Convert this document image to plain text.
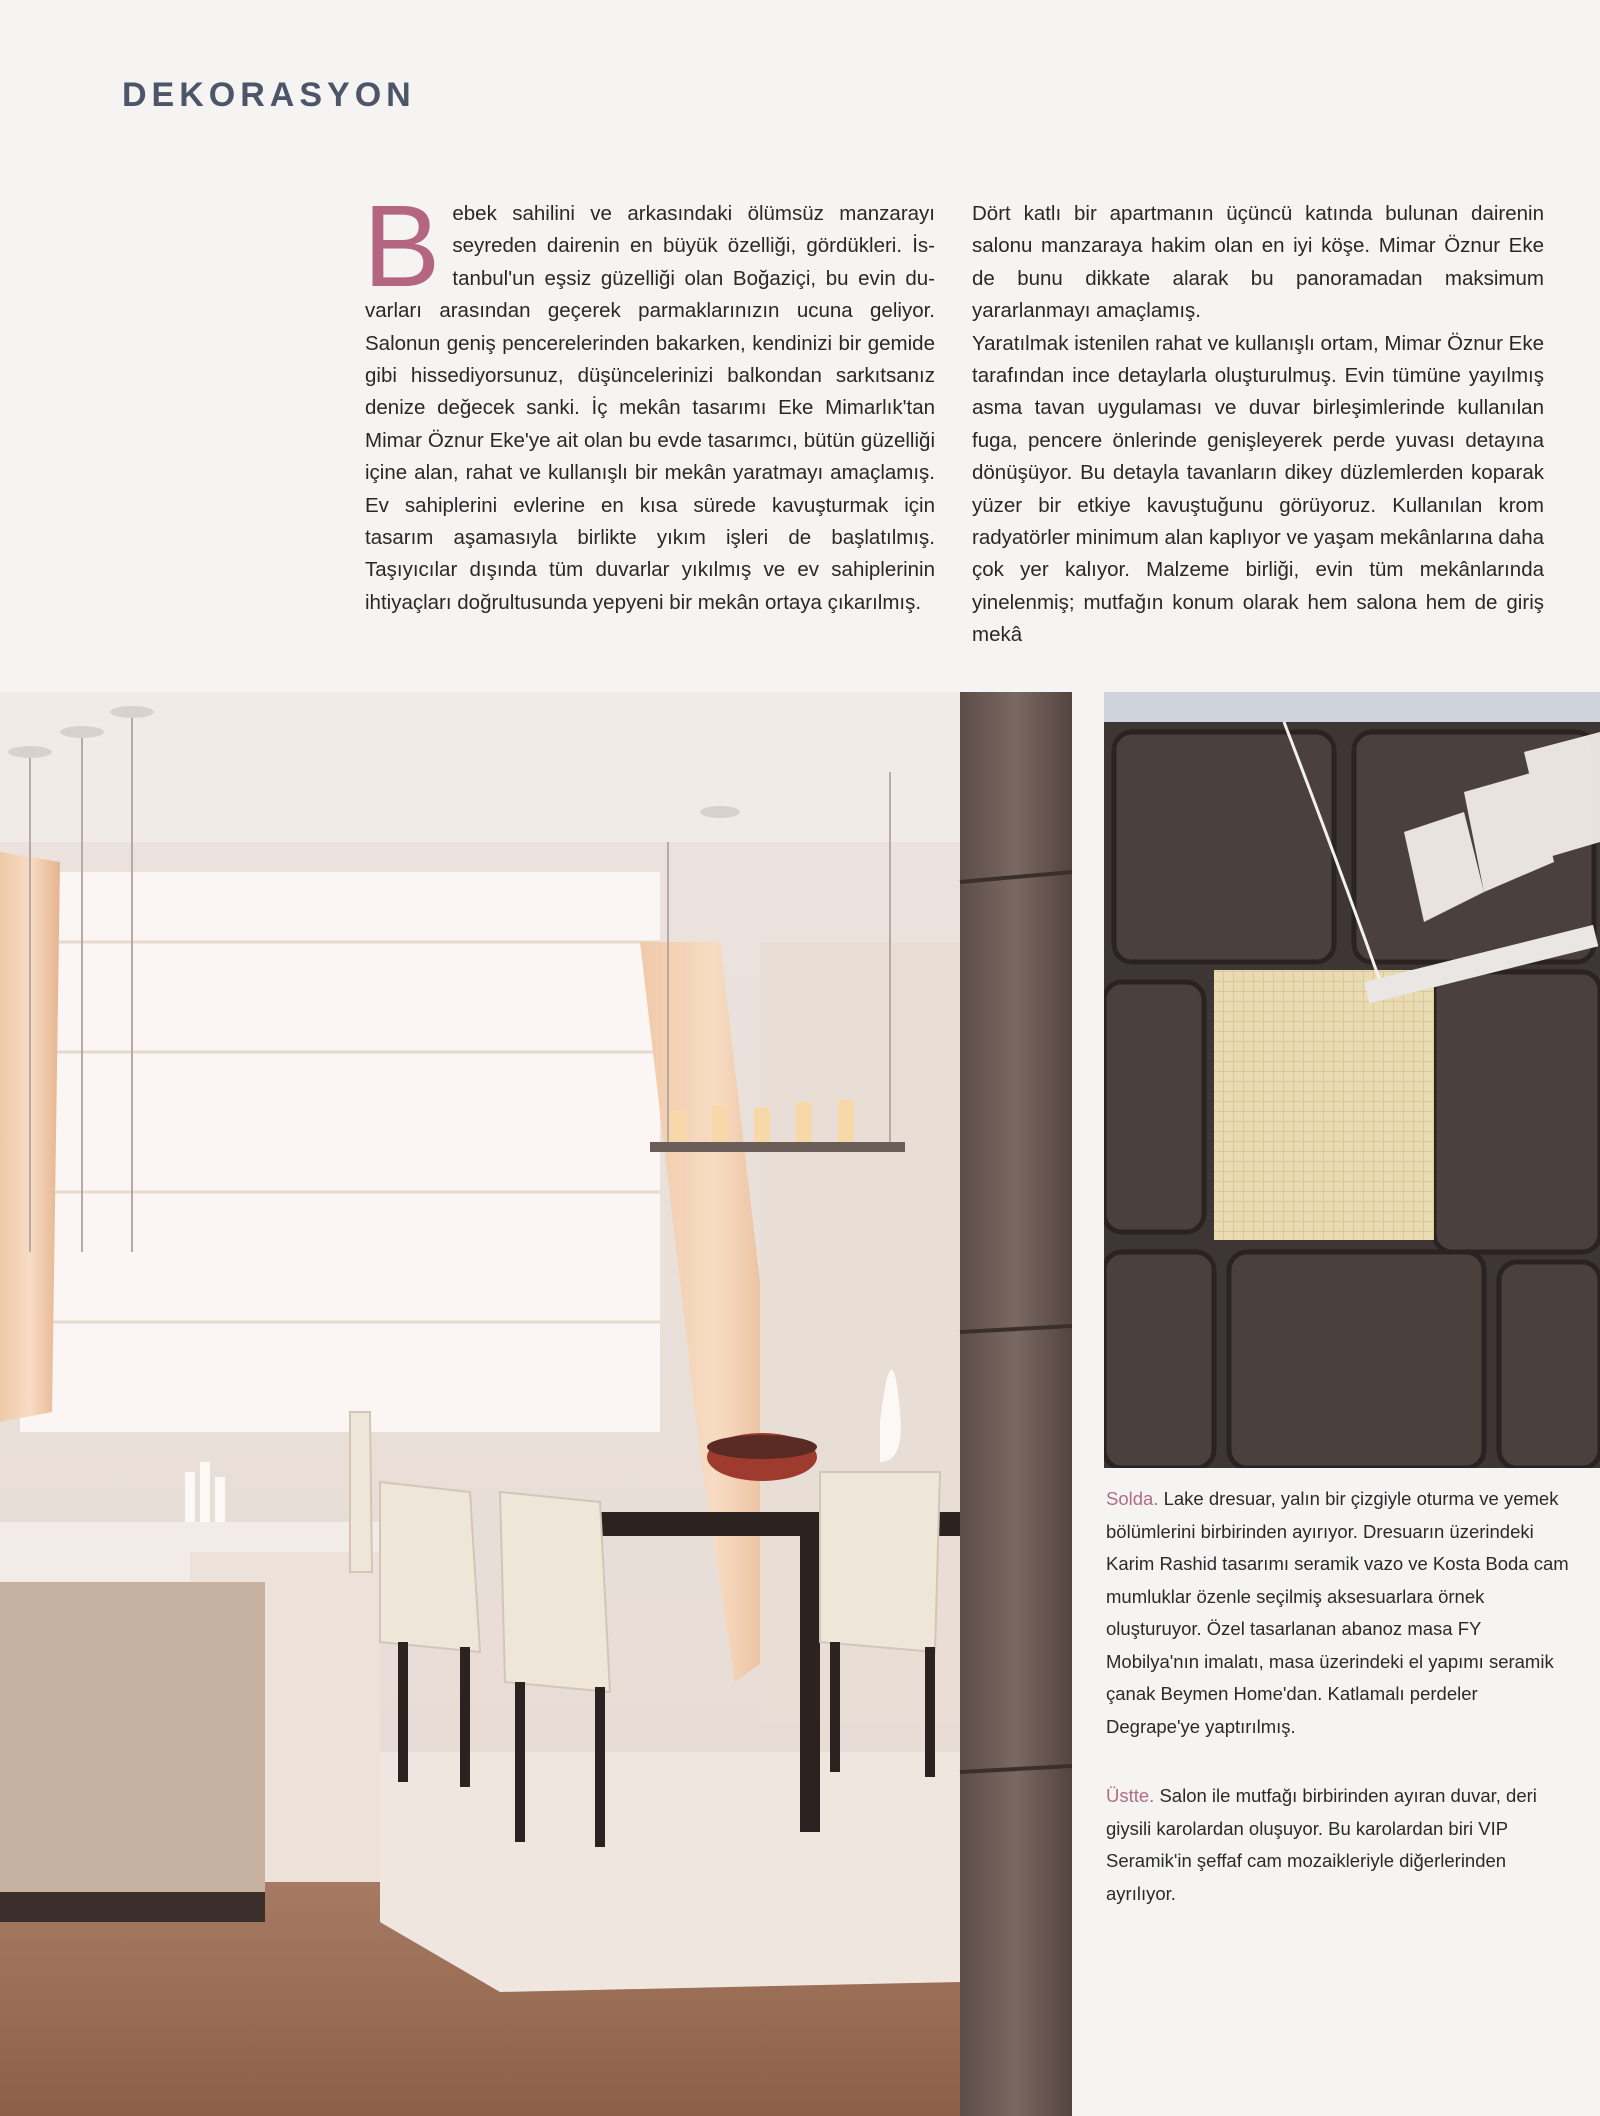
DEKORASYON

Bebek sahilini ve arkasındaki ölümsüz manzarayı seyreden dairenin en büyük özelliği, gördükleri. İstanbul'un eşsiz güzelliği olan Boğaziçi, bu evin duvarları arasından geçerek parmaklarınızın ucuna geliyor. Salonun geniş pencerelerinden bakarken, kendinizi bir gemide gibi hissediyorsunuz, düşüncelerinizi balkondan sarkıtsanız denize değecek sanki. İç mekân tasarımı Eke Mimarlık'tan Mimar Öznur Eke'ye ait olan bu evde tasarımcı, bütün güzelliği içine alan, rahat ve kullanışlı bir mekân yaratmayı amaçlamış. Ev sahiplerini evlerine en kısa sürede kavuşturmak için tasarım aşamasıyla birlikte yıkım işleri de başlatılmış. Taşıyıcılar dışında tüm duvarlar yıkılmış ve ev sahiplerinin ihtiyaçları doğrultusunda yepyeni bir mekân ortaya çıkarılmış.

Dört katlı bir apartmanın üçüncü katında bulunan dairenin salonu manzaraya hakim olan en iyi köşe. Mimar Öznur Eke de bunu dikkate alarak bu panoramadan maksimum yararlanmayı amaçlamış.

Yaratılmak istenilen rahat ve kullanışlı ortam, Mimar Öznur Eke tarafından ince detaylarla oluşturulmuş. Evin tümüne yayılmış asma tavan uygulaması ve duvar birleşimlerinde kullanılan fuga, pencere önlerinde genişleyerek perde yuvası detayına dönüşüyor. Bu detayla tavanların dikey düzlemlerden koparak yüzer bir etkiye kavuştuğunu görüyoruz. Kullanılan krom radyatörler minimum alan kaplıyor ve yaşam mekânlarına daha çok yer kalıyor. Malzeme birliği, evin tüm mekânlarında yinelenmiş; mutfağın konum olarak hem salona hem de giriş mekâ

Solda. Lake dresuar, yalın bir çizgiyle oturma ve yemek bölümlerini birbirinden ayırıyor. Dresuarın üzerindeki Karim Rashid tasarımı seramik vazo ve Kosta Boda cam mumluklar özenle seçilmiş aksesuarlara örnek oluşturuyor. Özel tasarlanan abanoz masa FY Mobilya'nın imalatı, masa üzerindeki el yapımı seramik çanak Beymen Home'dan. Katlamalı perdeler Degrape'ye yaptırılmış.
Üstte. Salon ile mutfağı birbirinden ayıran duvar, deri giysili karolardan oluşuyor. Bu karolardan biri VIP Seramik'in şeffaf cam mozaikleriyle diğerlerinden ayrılıyor.
